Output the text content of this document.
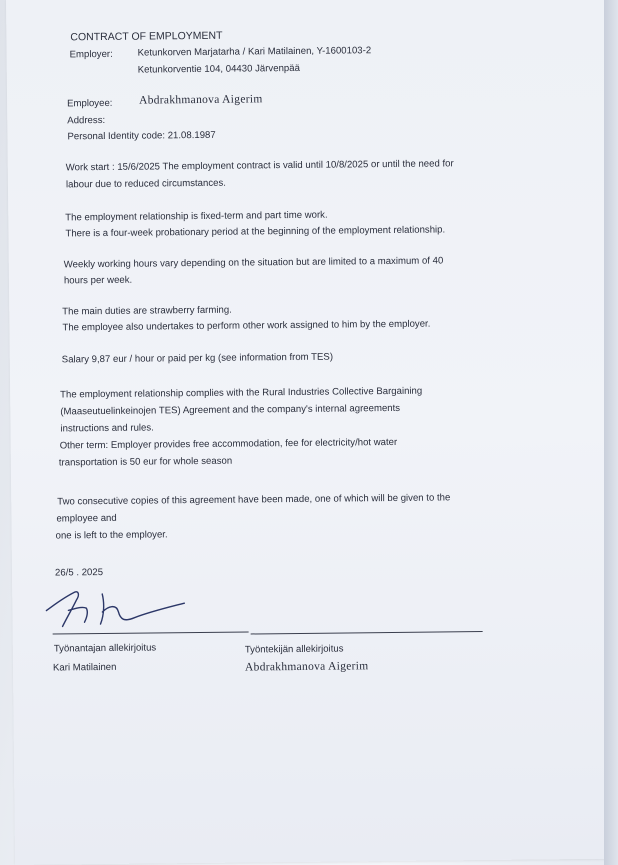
CONTRACT OF EMPLOYMENT
Employer:	Ketunkorven Marjatarha / Kari Matilainen, Y-1600103-2
Ketunkorventie 104, 04430 Järvenpää
Employee: Abdrakhmanova Aigerim
Address:
Personal Identity code: 21.08.1987
Work start : 15/6/2025 The employment contract is valid until 10/8/2025 or until the need for
labour due to reduced circumstances.
The employment relationship is fixed-term and part time work.
There is a four-week probationary period at the beginning of the employment relationship.
Weekly working hours vary depending on the situation but are limited to a maximum of 40
hours per week.
The main duties are strawberry farming.
The employee also undertakes to perform other work assigned to him by the employer.
Salary 9,87 eur / hour or paid per kg (see information from TES)
The employment relationship complies with the Rural Industries Collective Bargaining
(Maaseutuelinkeinojen TES) Agreement and the company's internal agreements
instructions and rules.
Other term: Employer provides free accommodation, fee for electricity/hot water
transportation is 50 eur for whole season
Two consecutive copies of this agreement have been made, one of which will be given to the
employee and
one is left to the employer.
26/5 . 2025
Työnantajan allekirjoitus
Kari Matilainen
Työntekijän allekirjoitus
Abdrakhmanova Aigerim
